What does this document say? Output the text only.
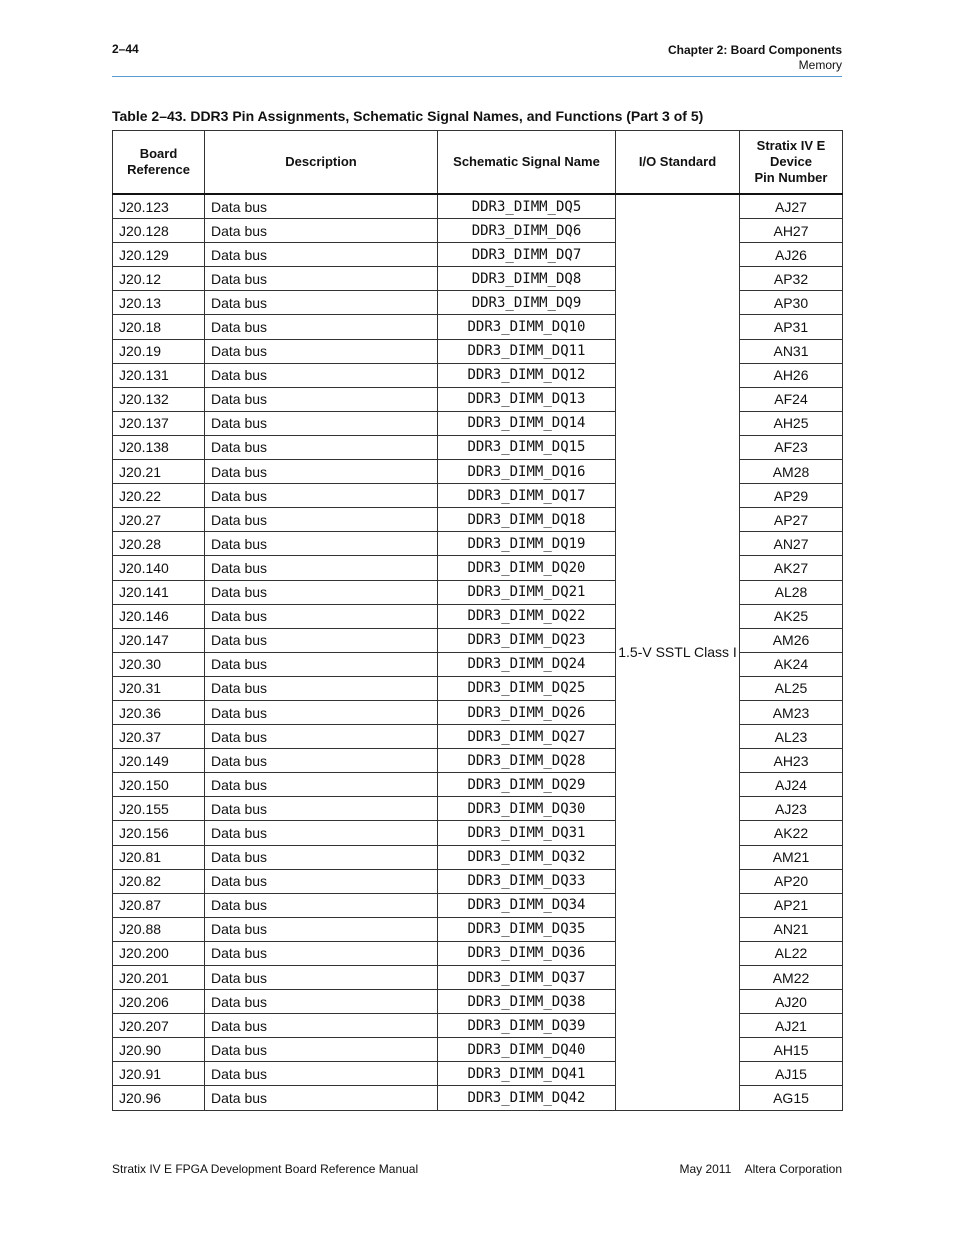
2–44	Chapter 2: Board Components
Memory
Table 2–43. DDR3 Pin Assignments, Schematic Signal Names, and Functions (Part 3 of 5)
Board
Reference	Description	Schematic Signal Name	I/O Standard	Stratix IV E
Device
Pin Number
J20.123	Data bus	DDR3_DIMM_DQ5	1.5-V SSTL Class I	AJ27
J20.128	Data bus	DDR3_DIMM_DQ6		AH27
J20.129	Data bus	DDR3_DIMM_DQ7		AJ26
J20.12	Data bus	DDR3_DIMM_DQ8		AP32
J20.13	Data bus	DDR3_DIMM_DQ9		AP30
J20.18	Data bus	DDR3_DIMM_DQ10		AP31
J20.19	Data bus	DDR3_DIMM_DQ11		AN31
J20.131	Data bus	DDR3_DIMM_DQ12		AH26
J20.132	Data bus	DDR3_DIMM_DQ13		AF24
J20.137	Data bus	DDR3_DIMM_DQ14		AH25
J20.138	Data bus	DDR3_DIMM_DQ15		AF23
J20.21	Data bus	DDR3_DIMM_DQ16		AM28
J20.22	Data bus	DDR3_DIMM_DQ17		AP29
J20.27	Data bus	DDR3_DIMM_DQ18		AP27
J20.28	Data bus	DDR3_DIMM_DQ19		AN27
J20.140	Data bus	DDR3_DIMM_DQ20		AK27
J20.141	Data bus	DDR3_DIMM_DQ21		AL28
J20.146	Data bus	DDR3_DIMM_DQ22		AK25
J20.147	Data bus	DDR3_DIMM_DQ23		AM26
J20.30	Data bus	DDR3_DIMM_DQ24		AK24
J20.31	Data bus	DDR3_DIMM_DQ25		AL25
J20.36	Data bus	DDR3_DIMM_DQ26		AM23
J20.37	Data bus	DDR3_DIMM_DQ27		AL23
J20.149	Data bus	DDR3_DIMM_DQ28		AH23
J20.150	Data bus	DDR3_DIMM_DQ29		AJ24
J20.155	Data bus	DDR3_DIMM_DQ30		AJ23
J20.156	Data bus	DDR3_DIMM_DQ31		AK22
J20.81	Data bus	DDR3_DIMM_DQ32		AM21
J20.82	Data bus	DDR3_DIMM_DQ33		AP20
J20.87	Data bus	DDR3_DIMM_DQ34		AP21
J20.88	Data bus	DDR3_DIMM_DQ35		AN21
J20.200	Data bus	DDR3_DIMM_DQ36		AL22
J20.201	Data bus	DDR3_DIMM_DQ37		AM22
J20.206	Data bus	DDR3_DIMM_DQ38		AJ20
J20.207	Data bus	DDR3_DIMM_DQ39		AJ21
J20.90	Data bus	DDR3_DIMM_DQ40		AH15
J20.91	Data bus	DDR3_DIMM_DQ41		AJ15
J20.96	Data bus	DDR3_DIMM_DQ42		AG15
Stratix IV E FPGA Development Board Reference Manual	May 2011 Altera Corporation
